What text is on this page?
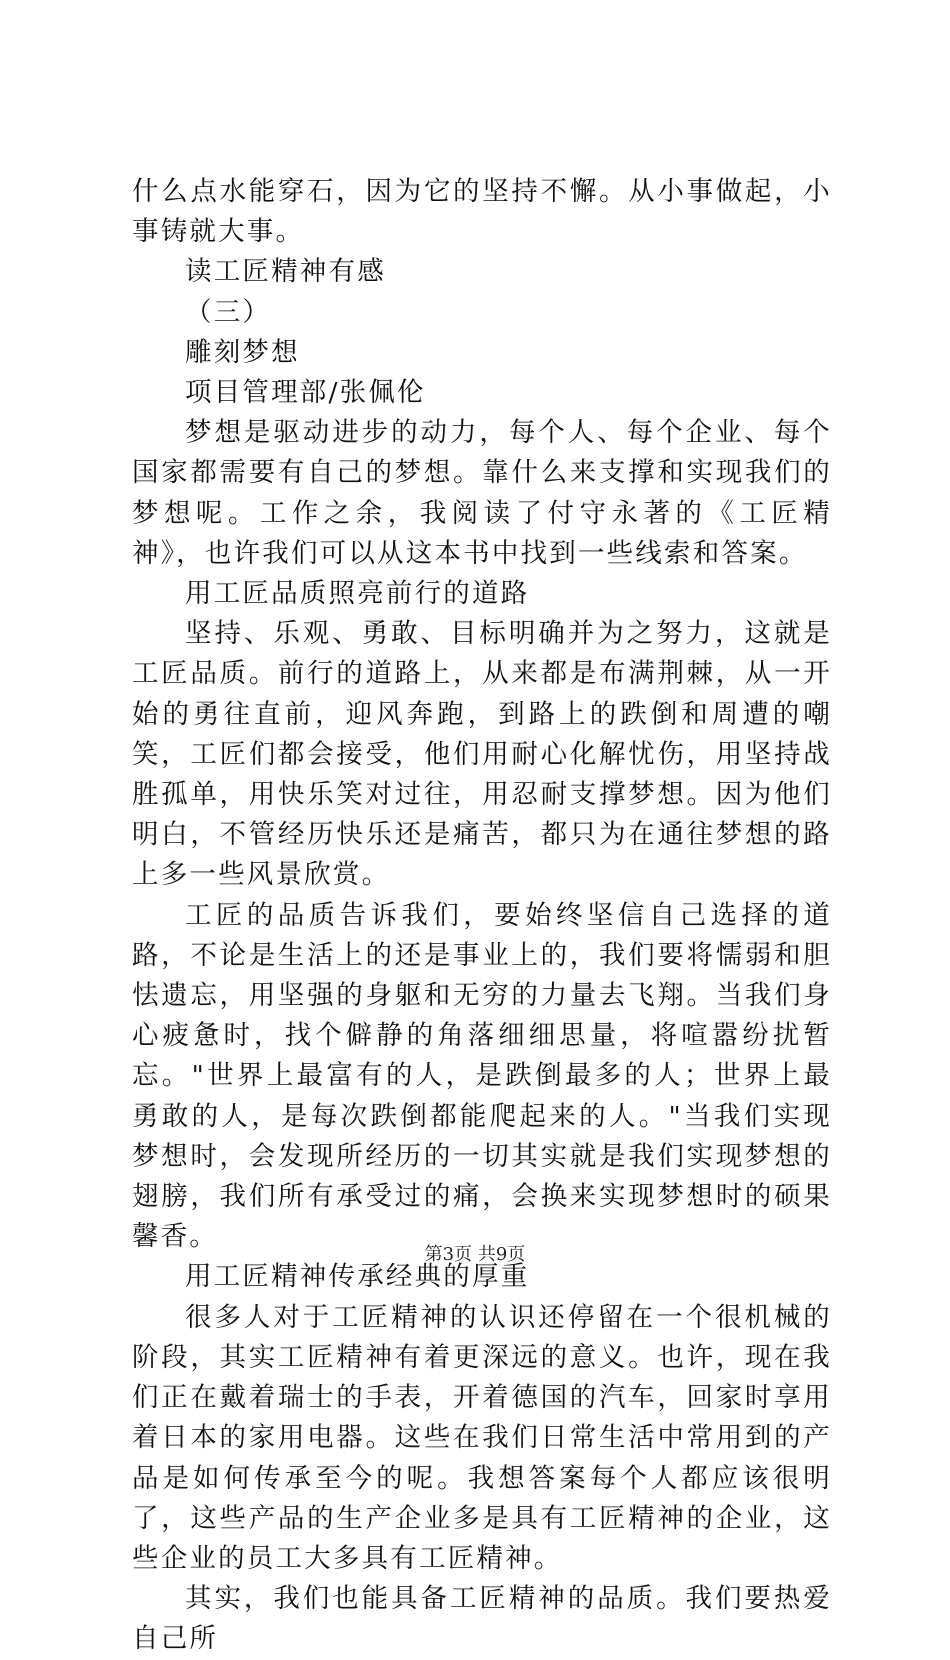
什么点水能穿石，因为它的坚持不懈。从小事做起，小事铸就大事。

读工匠精神有感

（三）

雕刻梦想

项目管理部/张佩伦

梦想是驱动进步的动力，每个人、每个企业、每个国家都需要有自己的梦想。靠什么来支撑和实现我们的梦想呢。工作之余，我阅读了付守永著的《工匠精神》，也许我们可以从这本书中找到一些线索和答案。

用工匠品质照亮前行的道路

坚持、乐观、勇敢、目标明确并为之努力，这就是工匠品质。前行的道路上，从来都是布满荆棘，从一开始的勇往直前，迎风奔跑，到路上的跌倒和周遭的嘲笑，工匠们都会接受，他们用耐心化解忧伤，用坚持战胜孤单，用快乐笑对过往，用忍耐支撑梦想。因为他们明白，不管经历快乐还是痛苦，都只为在通往梦想的路上多一些风景欣赏。

工匠的品质告诉我们，要始终坚信自己选择的道路，不论是生活上的还是事业上的，我们要将懦弱和胆怯遗忘，用坚强的身躯和无穷的力量去飞翔。当我们身心疲惫时，找个僻静的角落细细思量，将喧嚣纷扰暂忘。"世界上最富有的人，是跌倒最多的人；世界上最勇敢的人，是每次跌倒都能爬起来的人。"当我们实现梦想时，会发现所经历的一切其实就是我们实现梦想的翅膀，我们所有承受过的痛，会换来实现梦想时的硕果馨香。

用工匠精神传承经典的厚重

很多人对于工匠精神的认识还停留在一个很机械的阶段，其实工匠精神有着更深远的意义。也许，现在我们正在戴着瑞士的手表，开着德国的汽车，回家时享用着日本的家用电器。这些在我们日常生活中常用到的产品是如何传承至今的呢。我想答案每个人都应该很明了，这些产品的生产企业多是具有工匠精神的企业，这些企业的员工大多具有工匠精神。

其实，我们也能具备工匠精神的品质。我们要热爱自己所

第3页 共9页
